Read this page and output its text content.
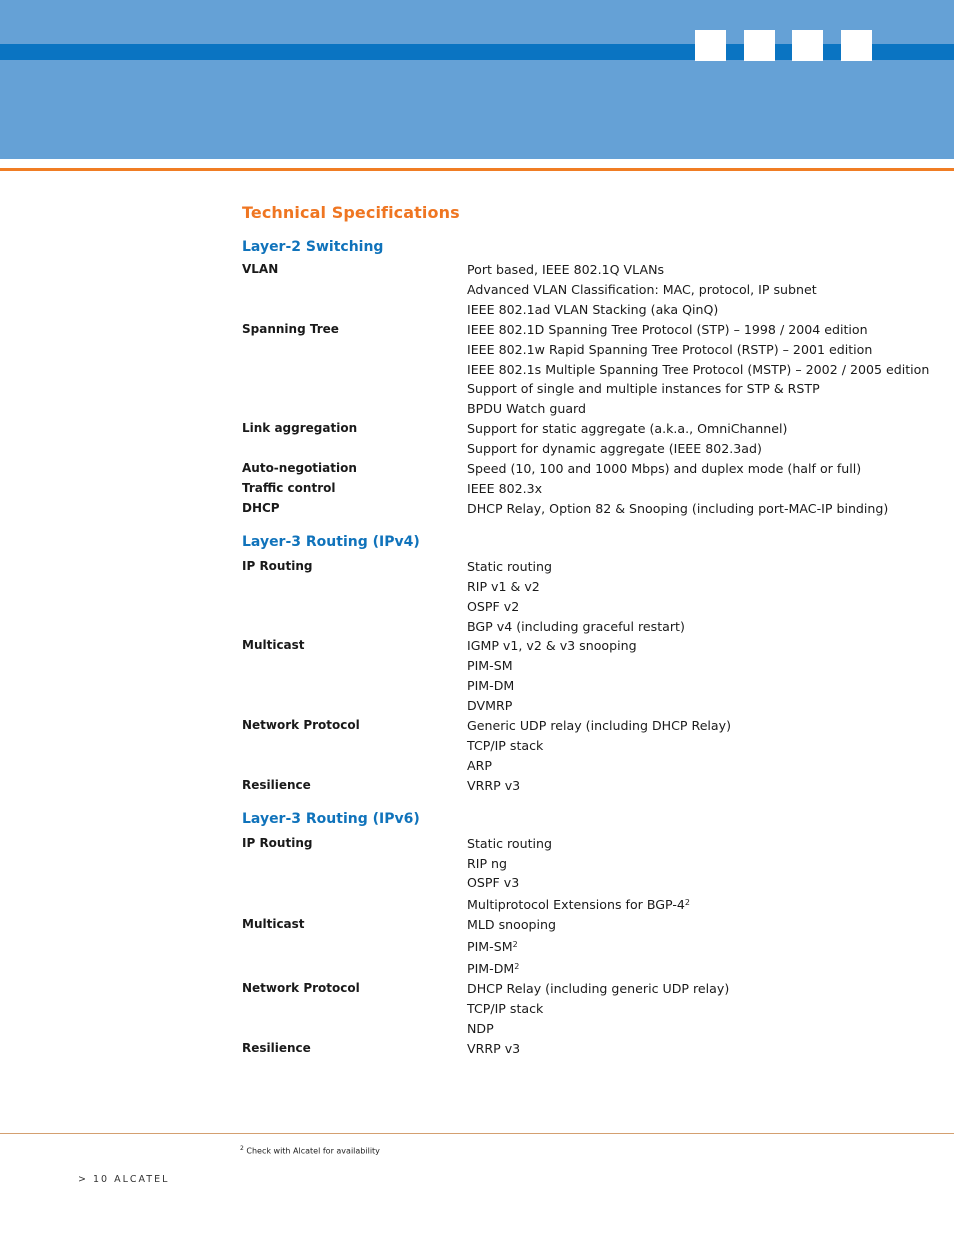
Technical Specifications
Layer-2 Switching
VLAN	Port based, IEEE 802.1Q VLANs
Advanced VLAN Classification: MAC, protocol, IP subnet
IEEE 802.1ad VLAN Stacking (aka QinQ)
Spanning Tree	IEEE 802.1D Spanning Tree Protocol (STP) – 1998 / 2004 edition
IEEE 802.1w Rapid Spanning Tree Protocol (RSTP) – 2001 edition
IEEE 802.1s Multiple Spanning Tree Protocol (MSTP) – 2002 / 2005 edition
Support of single and multiple instances for STP & RSTP
BPDU Watch guard
Link aggregation	Support for static aggregate (a.k.a., OmniChannel)
Support for dynamic aggregate (IEEE 802.3ad)
Auto-negotiation	Speed (10, 100 and 1000 Mbps) and duplex mode (half or full)
Traffic control	IEEE 802.3x
DHCP	DHCP Relay, Option 82 & Snooping (including port-MAC-IP binding)
Layer-3 Routing (IPv4)
IP Routing	Static routing
RIP v1 & v2
OSPF v2
BGP v4 (including graceful restart)
Multicast	IGMP v1, v2 & v3 snooping
PIM-SM
PIM-DM
DVMRP
Network Protocol	Generic UDP relay (including DHCP Relay)
TCP/IP stack
ARP
Resilience	VRRP v3
Layer-3 Routing (IPv6)
IP Routing	Static routing
RIP ng
OSPF v3
Multiprotocol Extensions for BGP-$4^2$
Multicast	MLD snooping
PIM-$SM^2$
PIM-$DM^2$
Network Protocol	DHCP Relay (including generic UDP relay)
TCP/IP stack
NDP
Resilience	VRRP v3
$^2$ Check with Alcatel for availability
> 10 ALCATEL
